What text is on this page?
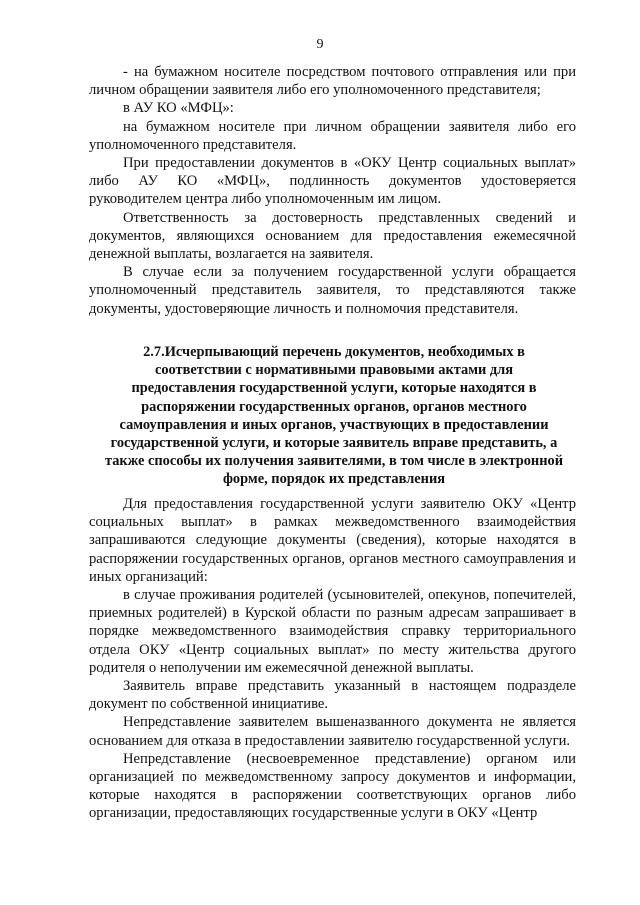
9

- на бумажном носителе посредством почтового отправления или при личном обращении заявителя либо его уполномоченного представителя;

в АУ КО «МФЦ»:

на бумажном носителе при личном обращении заявителя либо его уполномоченного представителя.

При предоставлении документов в «ОКУ Центр социальных выплат» либо АУ КО «МФЦ», подлинность документов удостоверяется руководителем центра либо уполномоченным им лицом.

Ответственность за достоверность представленных сведений и документов, являющихся основанием для предоставления ежемесячной денежной выплаты, возлагается на заявителя.

В случае если за получением государственной услуги обращается уполномоченный представитель заявителя, то представляются также документы, удостоверяющие личность и полномочия представителя.

2.7.Исчерпывающий перечень документов, необходимых в
соответствии с нормативными правовыми актами для
предоставления государственной услуги, которые находятся в
распоряжении государственных органов, органов местного
самоуправления и иных органов, участвующих в предоставлении
государственной услуги, и которые заявитель вправе представить, а
также способы их получения заявителями, в том числе в электронной
форме, порядок их представления

Для предоставления государственной услуги заявителю ОКУ «Центр социальных выплат» в рамках межведомственного взаимодействия запрашиваются следующие документы (сведения), которые находятся в распоряжении государственных органов, органов местного самоуправления и иных организаций:

в случае проживания родителей (усыновителей, опекунов, попечителей, приемных родителей) в Курской области по разным адресам запрашивает в порядке межведомственного взаимодействия справку территориального отдела ОКУ «Центр социальных выплат» по месту жительства другого родителя о неполучении им ежемесячной денежной выплаты.

Заявитель вправе представить указанный в настоящем подразделе документ по собственной инициативе.

Непредставление заявителем вышеназванного документа не является основанием для отказа в предоставлении заявителю государственной услуги.

Непредставление (несвоевременное представление) органом или организацией по межведомственному запросу документов и информации, которые находятся в распоряжении соответствующих органов либо организации, предоставляющих государственные услуги в ОКУ «Центр
